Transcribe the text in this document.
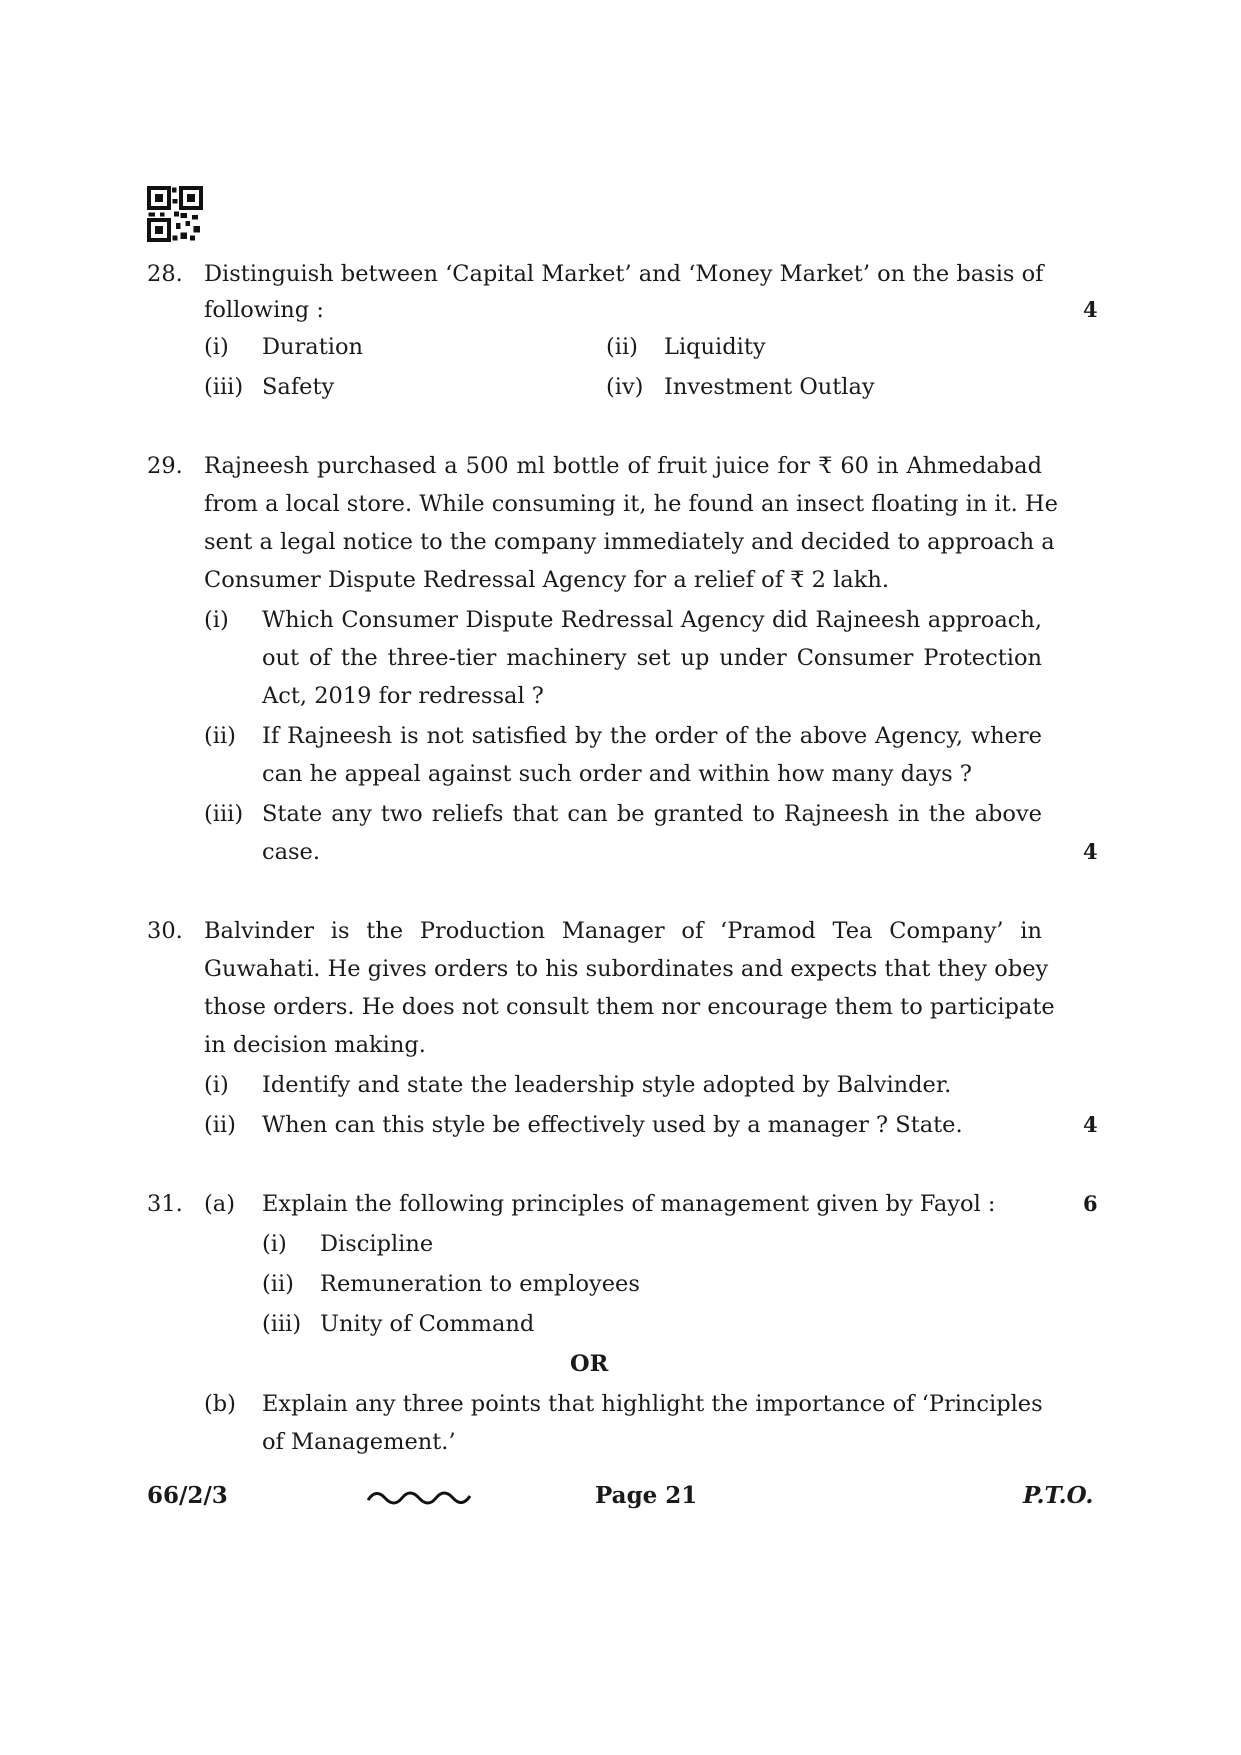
28. Distinguish between ‘Capital Market’ and ‘Money Market’ on the basis of
following :	4
(i) Duration	(ii) Liquidity
(iii) Safety	(iv) Investment Outlay
29. Rajneesh purchased a 500 ml bottle of fruit juice for ₹ 60 in Ahmedabad
from a local store. While consuming it, he found an insect floating in it. He
sent a legal notice to the company immediately and decided to approach a
Consumer Dispute Redressal Agency for a relief of ₹ 2 lakh.
(i) Which Consumer Dispute Redressal Agency did Rajneesh approach,
out of the three-tier machinery set up under Consumer Protection
Act, 2019 for redressal ?
(ii) If Rajneesh is not satisfied by the order of the above Agency, where
can he appeal against such order and within how many days ?
(iii) State any two reliefs that can be granted to Rajneesh in the above
case.	4
30. Balvinder is the Production Manager of ‘Pramod Tea Company’ in
Guwahati. He gives orders to his subordinates and expects that they obey
those orders. He does not consult them nor encourage them to participate
in decision making.
(i) Identify and state the leadership style adopted by Balvinder.
(ii) When can this style be effectively used by a manager ? State.	4
31. (a) Explain the following principles of management given by Fayol :	6
(i) Discipline
(ii) Remuneration to employees
(iii) Unity of Command
OR
(b) Explain any three points that highlight the importance of ‘Principles
of Management.’
66/2/3	Page 21	P.T.O.
